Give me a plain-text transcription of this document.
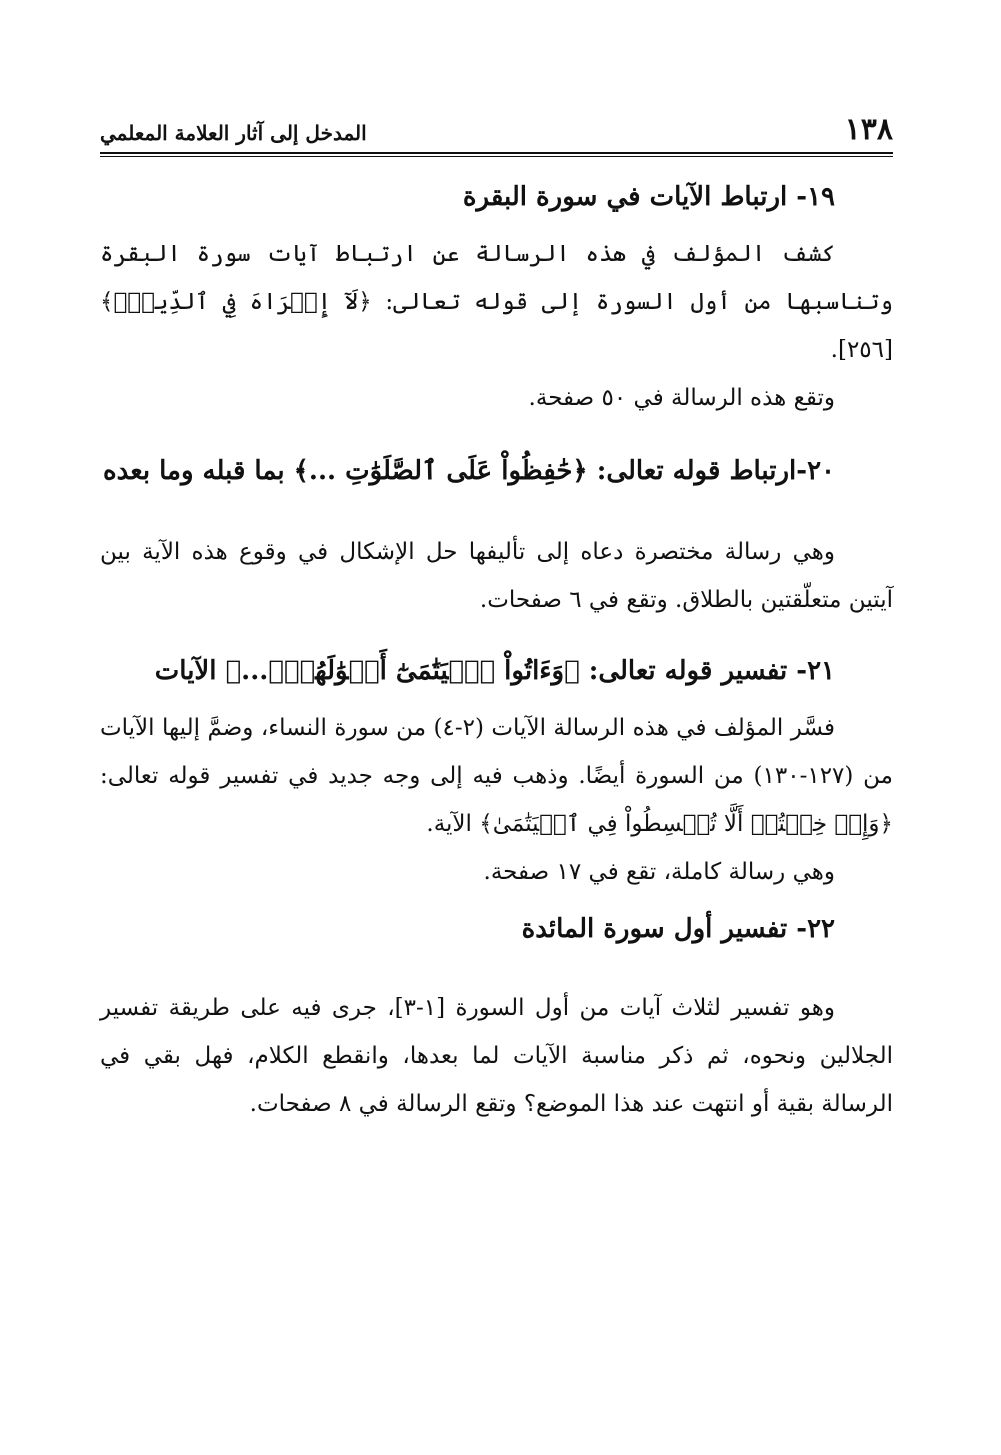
١٣٨
المدخل إلى آثار العلامة المعلمي
١٩- ارتباط الآيات في سورة البقرة

كشف المؤلف في هذه الرسالة عن ارتباط آيات سورة البقرة وتناسبها من أول السورة إلى قوله تعالى: ﴿لَآ إِكۡرَاهَ فِي ٱلدِّينِۖ﴾ [٢٥٦].

وتقع هذه الرسالة في ٥٠ صفحة.

٢٠-ارتباط قوله تعالى: ﴿حَٰفِظُواْ عَلَى ٱلصَّلَوَٰتِ ...﴾ بما قبله وما بعده

وهي رسالة مختصرة دعاه إلى تأليفها حل الإشكال في وقوع هذه الآية بين آيتين متعلّقتين بالطلاق. وتقع في ٦ صفحات.

٢١- تفسير قوله تعالى: ﴿وَءَاتُواْ ٱلۡيَتَٰمَىٰٓ أَمۡوَٰلَهُمۡۖ...﴾ الآيات

فسَّر المؤلف في هذه الرسالة الآيات (٢-٤) من سورة النساء، وضمَّ إليها الآيات من (١٢٧-١٣٠) من السورة أيضًا. وذهب فيه إلى وجه جديد في تفسير قوله تعالى: ﴿وَإِنۡ خِفۡتُمۡ أَلَّا تُقۡسِطُواْ فِي ٱلۡيَتَٰمَىٰ﴾ الآية.

وهي رسالة كاملة، تقع في ١٧ صفحة.

٢٢- تفسير أول سورة المائدة

وهو تفسير لثلاث آيات من أول السورة [١-٣]، جرى فيه على طريقة تفسير الجلالين ونحوه، ثم ذكر مناسبة الآيات لما بعدها، وانقطع الكلام، فهل بقي في الرسالة بقية أو انتهت عند هذا الموضع؟ وتقع الرسالة في ٨ صفحات.
